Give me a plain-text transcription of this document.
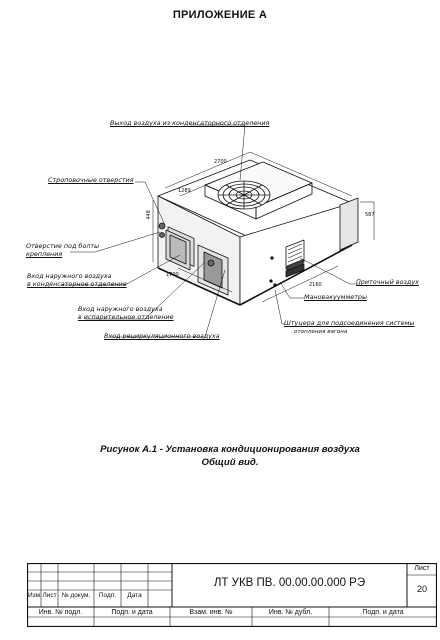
ПРИЛОЖЕНИЕ А
Выход воздуха из конденсаторного отделения
Строповочные отверстия
Отверстие под болты
крепления
Вход наружного воздуха
в конденсаторное отделение
Вход наружного воздуха
в испарительное отделение
Вход рециркуляционного воздуха
Приточный воздух
Мановакуумметры
Штуцера для подсоединения системы
отопления вагона
2700
1289
448	587
1700
2160
Рисунок А.1 - Установка кондиционирования воздуха
Общий вид.
Изм Лист № докум.	Подп.	Дата
ЛТ УКВ ПВ. 00.00.00.000 РЭ
Лист
20
Инв. № подл.	Подп. и дата	Взам. инв. №	Инв. № дубл.	Подп. и дата
